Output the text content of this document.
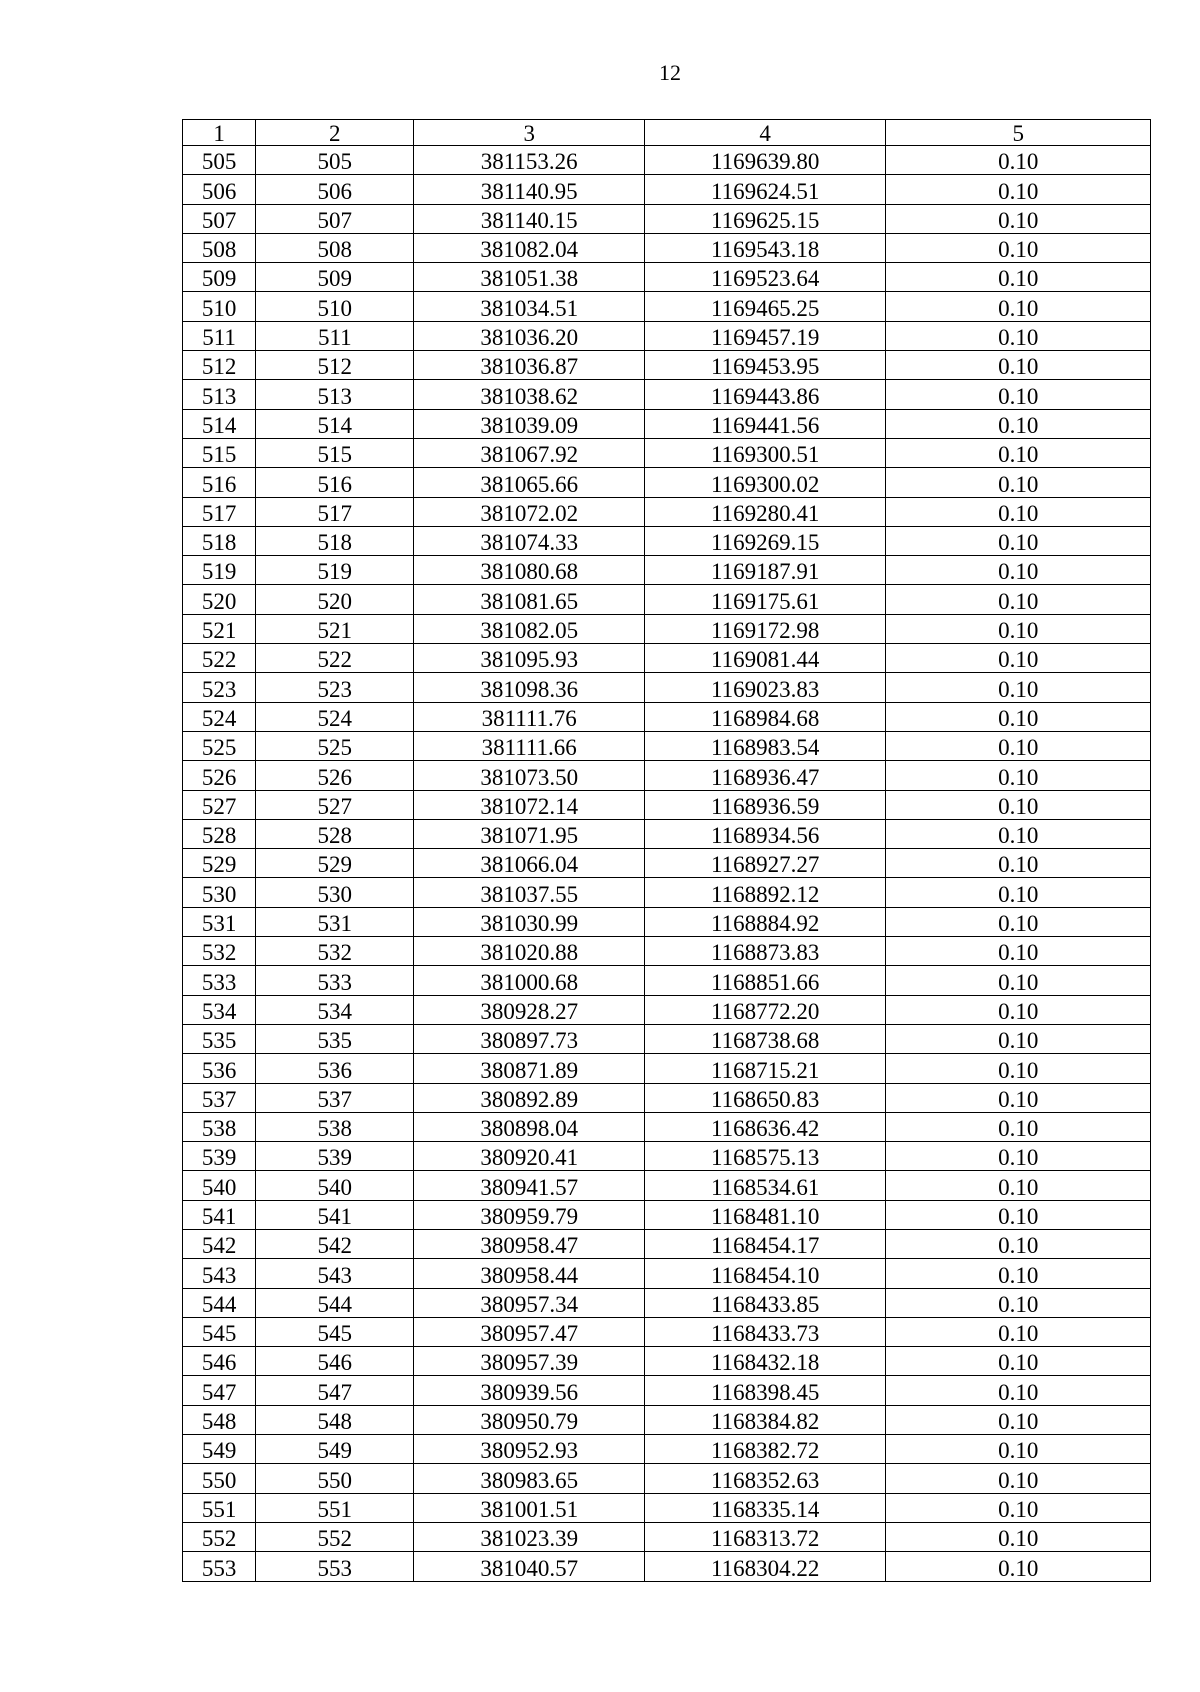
12
1	2	3	4	5
505	505	381153.26	1169639.80	0.10
506	506	381140.95	1169624.51	0.10
507	507	381140.15	1169625.15	0.10
508	508	381082.04	1169543.18	0.10
509	509	381051.38	1169523.64	0.10
510	510	381034.51	1169465.25	0.10
511	511	381036.20	1169457.19	0.10
512	512	381036.87	1169453.95	0.10
513	513	381038.62	1169443.86	0.10
514	514	381039.09	1169441.56	0.10
515	515	381067.92	1169300.51	0.10
516	516	381065.66	1169300.02	0.10
517	517	381072.02	1169280.41	0.10
518	518	381074.33	1169269.15	0.10
519	519	381080.68	1169187.91	0.10
520	520	381081.65	1169175.61	0.10
521	521	381082.05	1169172.98	0.10
522	522	381095.93	1169081.44	0.10
523	523	381098.36	1169023.83	0.10
524	524	381111.76	1168984.68	0.10
525	525	381111.66	1168983.54	0.10
526	526	381073.50	1168936.47	0.10
527	527	381072.14	1168936.59	0.10
528	528	381071.95	1168934.56	0.10
529	529	381066.04	1168927.27	0.10
530	530	381037.55	1168892.12	0.10
531	531	381030.99	1168884.92	0.10
532	532	381020.88	1168873.83	0.10
533	533	381000.68	1168851.66	0.10
534	534	380928.27	1168772.20	0.10
535	535	380897.73	1168738.68	0.10
536	536	380871.89	1168715.21	0.10
537	537	380892.89	1168650.83	0.10
538	538	380898.04	1168636.42	0.10
539	539	380920.41	1168575.13	0.10
540	540	380941.57	1168534.61	0.10
541	541	380959.79	1168481.10	0.10
542	542	380958.47	1168454.17	0.10
543	543	380958.44	1168454.10	0.10
544	544	380957.34	1168433.85	0.10
545	545	380957.47	1168433.73	0.10
546	546	380957.39	1168432.18	0.10
547	547	380939.56	1168398.45	0.10
548	548	380950.79	1168384.82	0.10
549	549	380952.93	1168382.72	0.10
550	550	380983.65	1168352.63	0.10
551	551	381001.51	1168335.14	0.10
552	552	381023.39	1168313.72	0.10
553	553	381040.57	1168304.22	0.10
